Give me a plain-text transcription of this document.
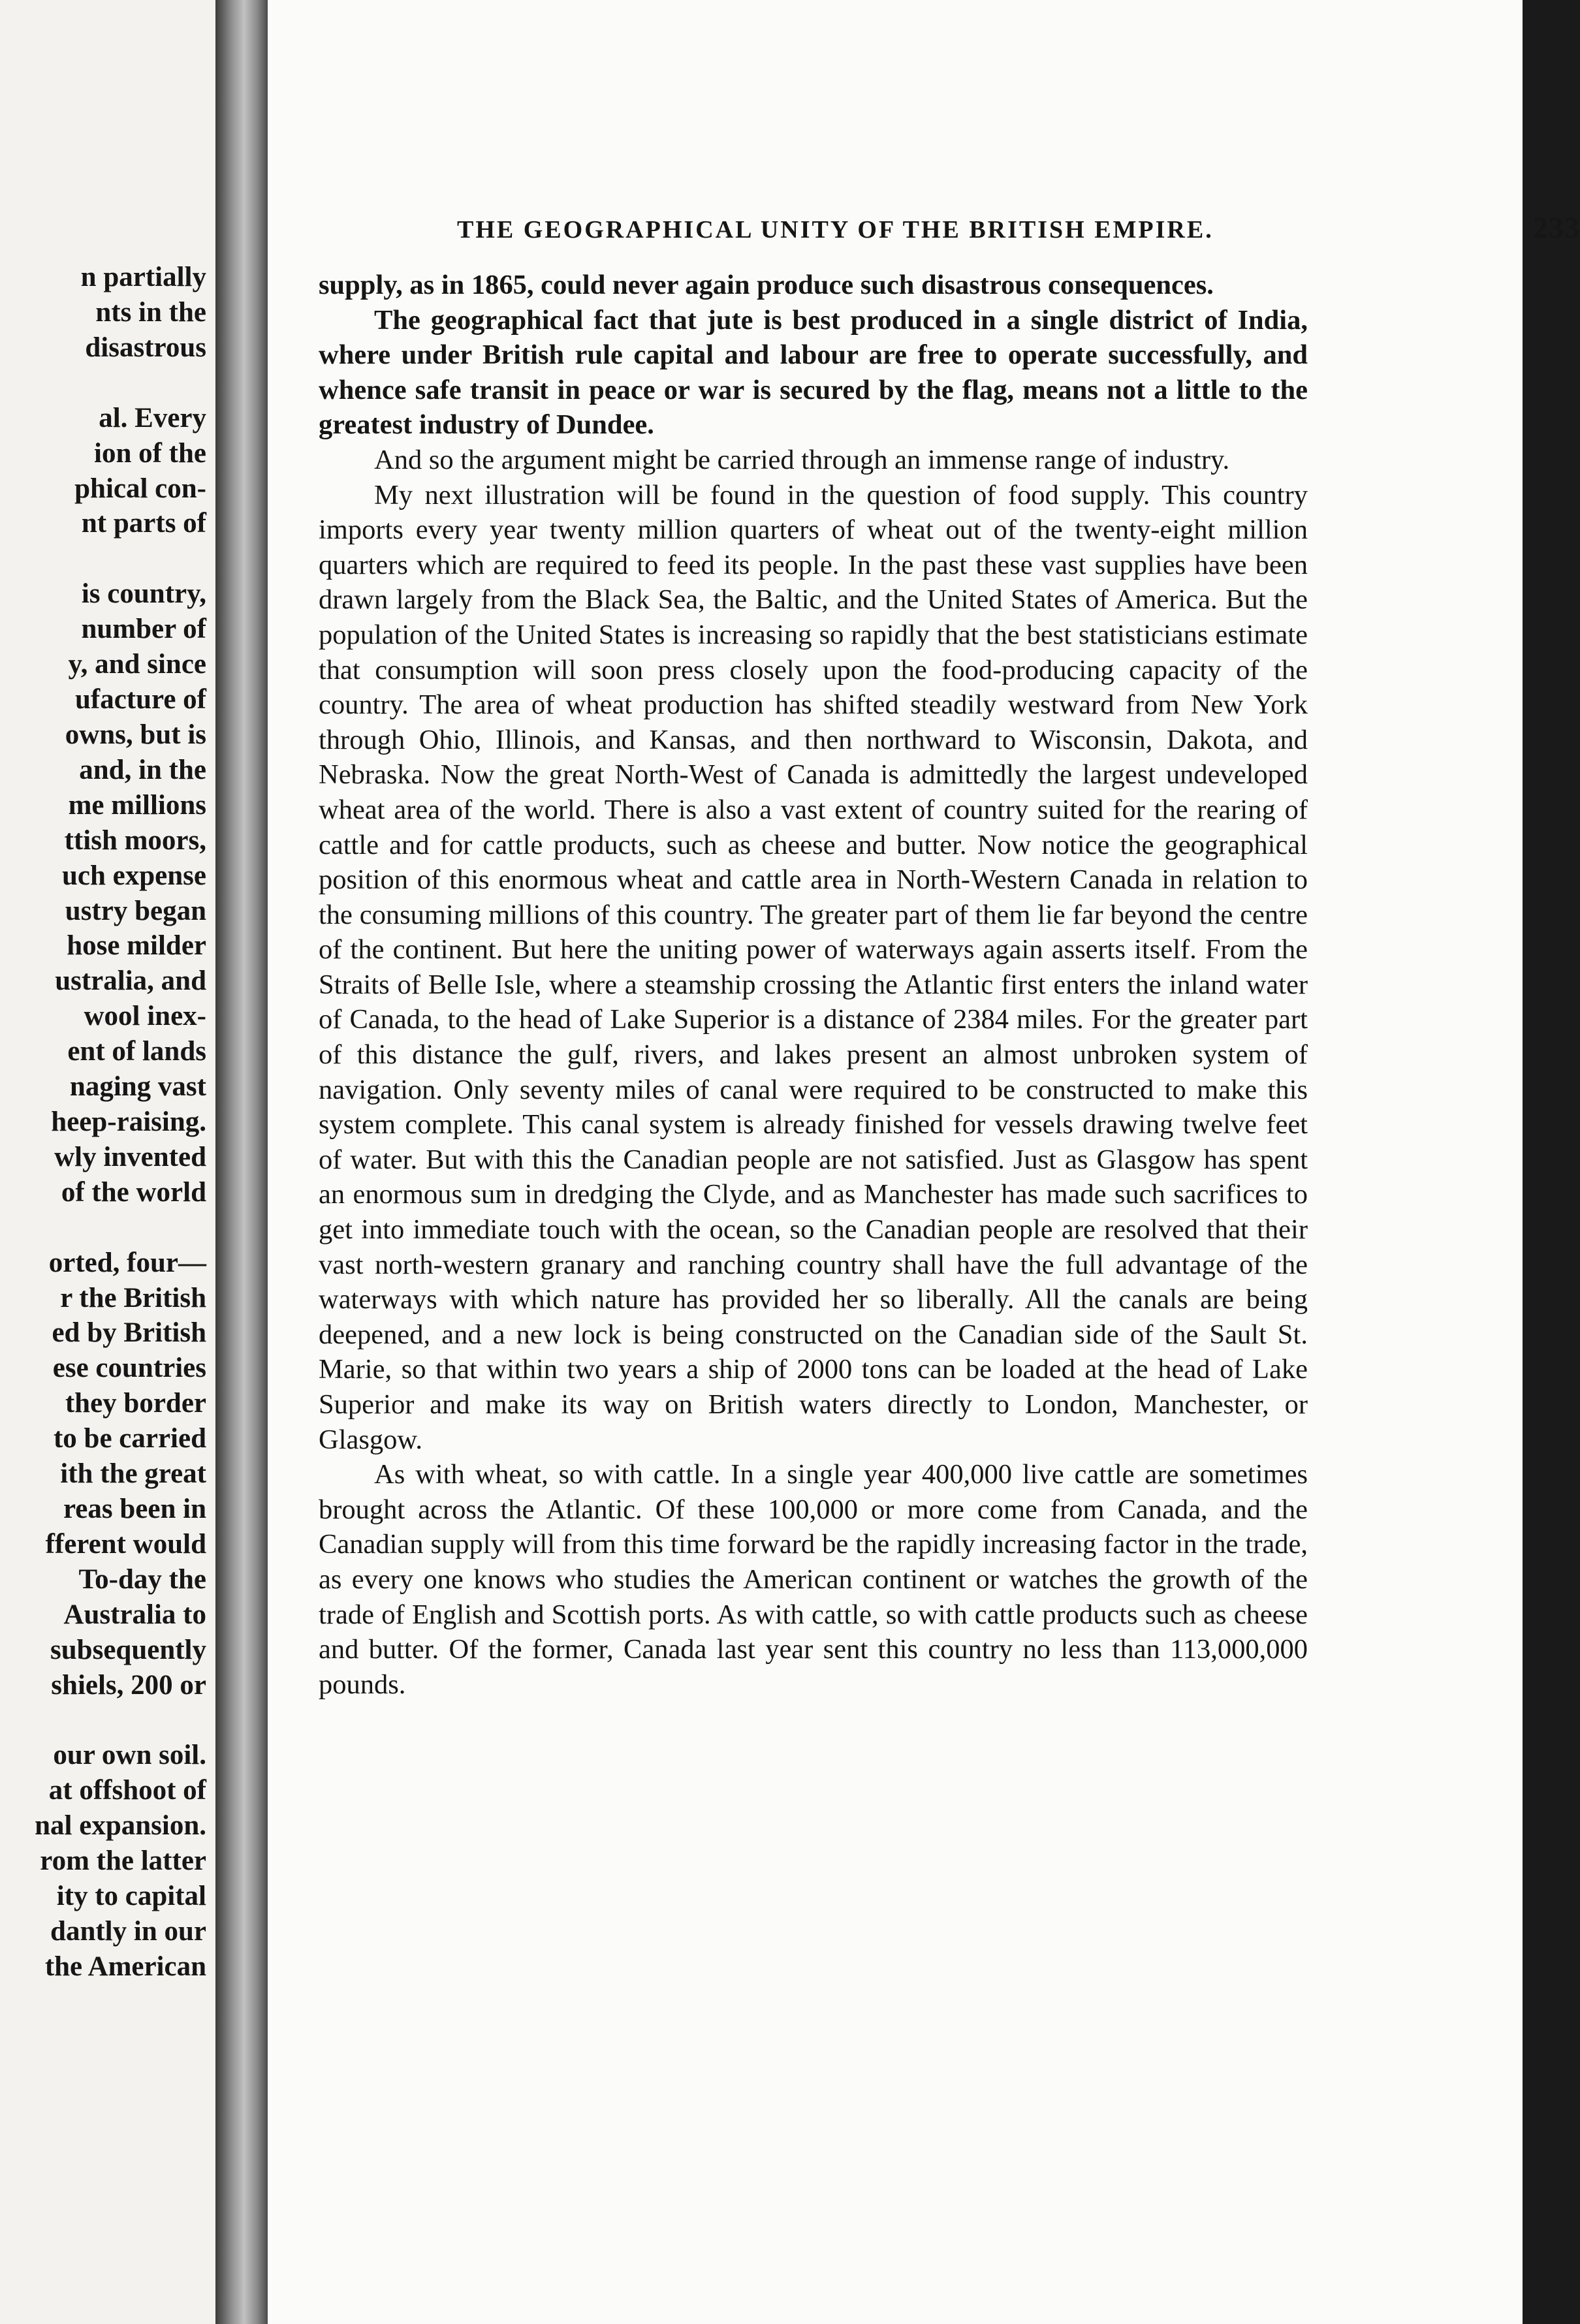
n partially
nts in the
disastrous
al. Every
ion of the
phical con-
nt parts of
is country,
number of
y, and since
ufacture of
owns, but is
and, in the
me millions
ttish moors,
uch expense
ustry began
hose milder
ustralia, and
wool inex-
ent of lands
naging vast
heep-raising.
wly invented
of the world
orted, four—
r the British
ed by British
ese countries
they border
to be carried
ith the great
reas been in
fferent would
To-day the
Australia to
subsequently
shiels, 200 or
our own soil.
at offshoot of
nal expansion.
rom the latter
ity to capital
dantly in our
the American
THE GEOGRAPHICAL UNITY OF THE BRITISH EMPIRE.	233

supply, as in 1865, could never again produce such disastrous consequences.

The geographical fact that jute is best produced in a single district of India, where under British rule capital and labour are free to operate successfully, and whence safe transit in peace or war is secured by the flag, means not a little to the greatest industry of Dundee.

And so the argument might be carried through an immense range of industry.

My next illustration will be found in the question of food supply. This country imports every year twenty million quarters of wheat out of the twenty-eight million quarters which are required to feed its people. In the past these vast supplies have been drawn largely from the Black Sea, the Baltic, and the United States of America. But the population of the United States is increasing so rapidly that the best statisticians estimate that consumption will soon press closely upon the food-producing capacity of the country. The area of wheat production has shifted steadily westward from New York through Ohio, Illinois, and Kansas, and then northward to Wisconsin, Dakota, and Nebraska. Now the great North-West of Canada is admittedly the largest undeveloped wheat area of the world. There is also a vast extent of country suited for the rearing of cattle and for cattle products, such as cheese and butter. Now notice the geographical position of this enormous wheat and cattle area in North-Western Canada in relation to the consuming millions of this country. The greater part of them lie far beyond the centre of the continent. But here the uniting power of waterways again asserts itself. From the Straits of Belle Isle, where a steamship crossing the Atlantic first enters the inland water of Canada, to the head of Lake Superior is a distance of 2384 miles. For the greater part of this distance the gulf, rivers, and lakes present an almost unbroken system of navigation. Only seventy miles of canal were required to be constructed to make this system complete. This canal system is already finished for vessels drawing twelve feet of water. But with this the Canadian people are not satisfied. Just as Glasgow has spent an enormous sum in dredging the Clyde, and as Manchester has made such sacrifices to get into immediate touch with the ocean, so the Canadian people are resolved that their vast north-western granary and ranching country shall have the full advantage of the waterways with which nature has provided her so liberally. All the canals are being deepened, and a new lock is being constructed on the Canadian side of the Sault St. Marie, so that within two years a ship of 2000 tons can be loaded at the head of Lake Superior and make its way on British waters directly to London, Manchester, or Glasgow.

As with wheat, so with cattle. In a single year 400,000 live cattle are sometimes brought across the Atlantic. Of these 100,000 or more come from Canada, and the Canadian supply will from this time forward be the rapidly increasing factor in the trade, as every one knows who studies the American continent or watches the growth of the trade of English and Scottish ports. As with cattle, so with cattle products such as cheese and butter. Of the former, Canada last year sent this country no less than 113,000,000 pounds.
